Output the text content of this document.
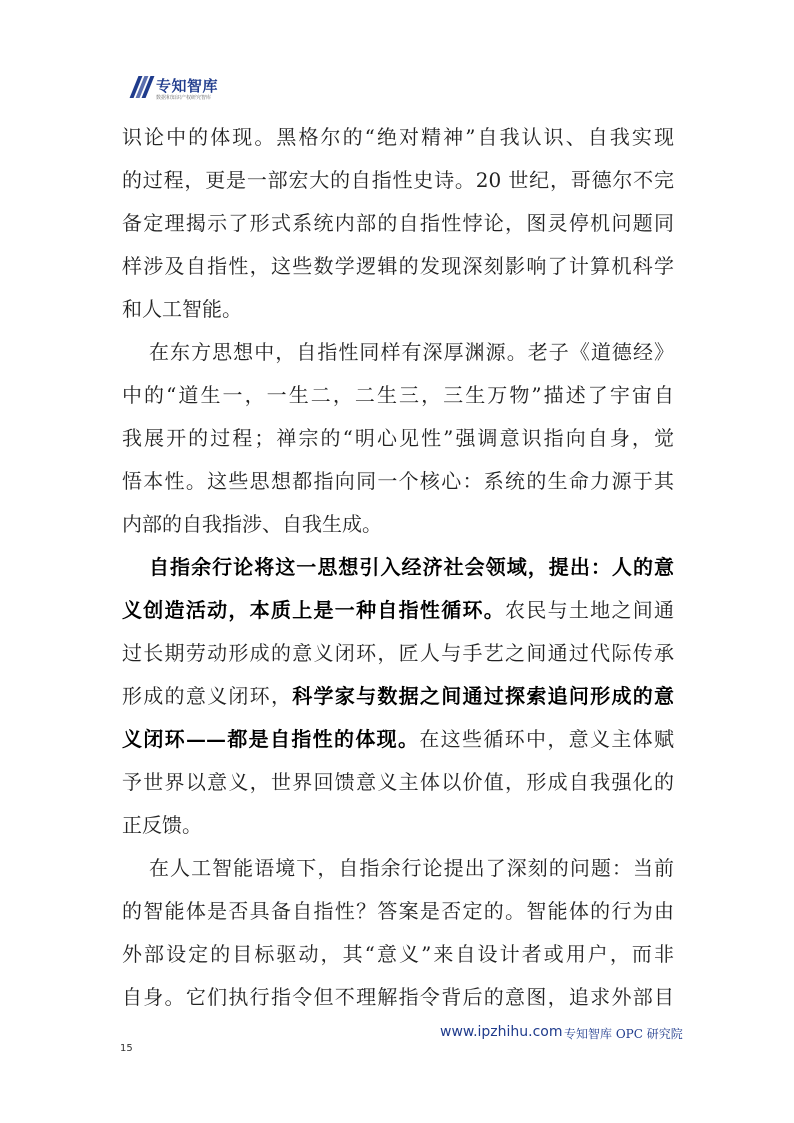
专知智库
数据和知识产权研究智库
识论中的体现。黑格尔的“绝对精神”自我认识、自我实现
的过程，更是一部宏大的自指性史诗。20 世纪，哥德尔不完
备定理揭示了形式系统内部的自指性悖论，图灵停机问题同
样涉及自指性，这些数学逻辑的发现深刻影响了计算机科学
和人工智能。
在东方思想中，自指性同样有深厚渊源。老子《道德经》
中的“道生一，一生二，二生三，三生万物”描述了宇宙自
我展开的过程；禅宗的“明心见性”强调意识指向自身，觉
悟本性。这些思想都指向同一个核心：系统的生命力源于其
内部的自我指涉、自我生成。
自指余行论将这一思想引入经济社会领域，提出：人的意
义创造活动，本质上是一种自指性循环。农民与土地之间通
过长期劳动形成的意义闭环，匠人与手艺之间通过代际传承
形成的意义闭环，科学家与数据之间通过探索追问形成的意
义闭环——都是自指性的体现。在这些循环中，意义主体赋
予世界以意义，世界回馈意义主体以价值，形成自我强化的
正反馈。
在人工智能语境下，自指余行论提出了深刻的问题：当前
的智能体是否具备自指性？答案是否定的。智能体的行为由
外部设定的目标驱动，其“意义”来自设计者或用户，而非
自身。它们执行指令但不理解指令背后的意图，追求外部目
www.ipzhihu.com 专知智库 OPC 研究院
15
